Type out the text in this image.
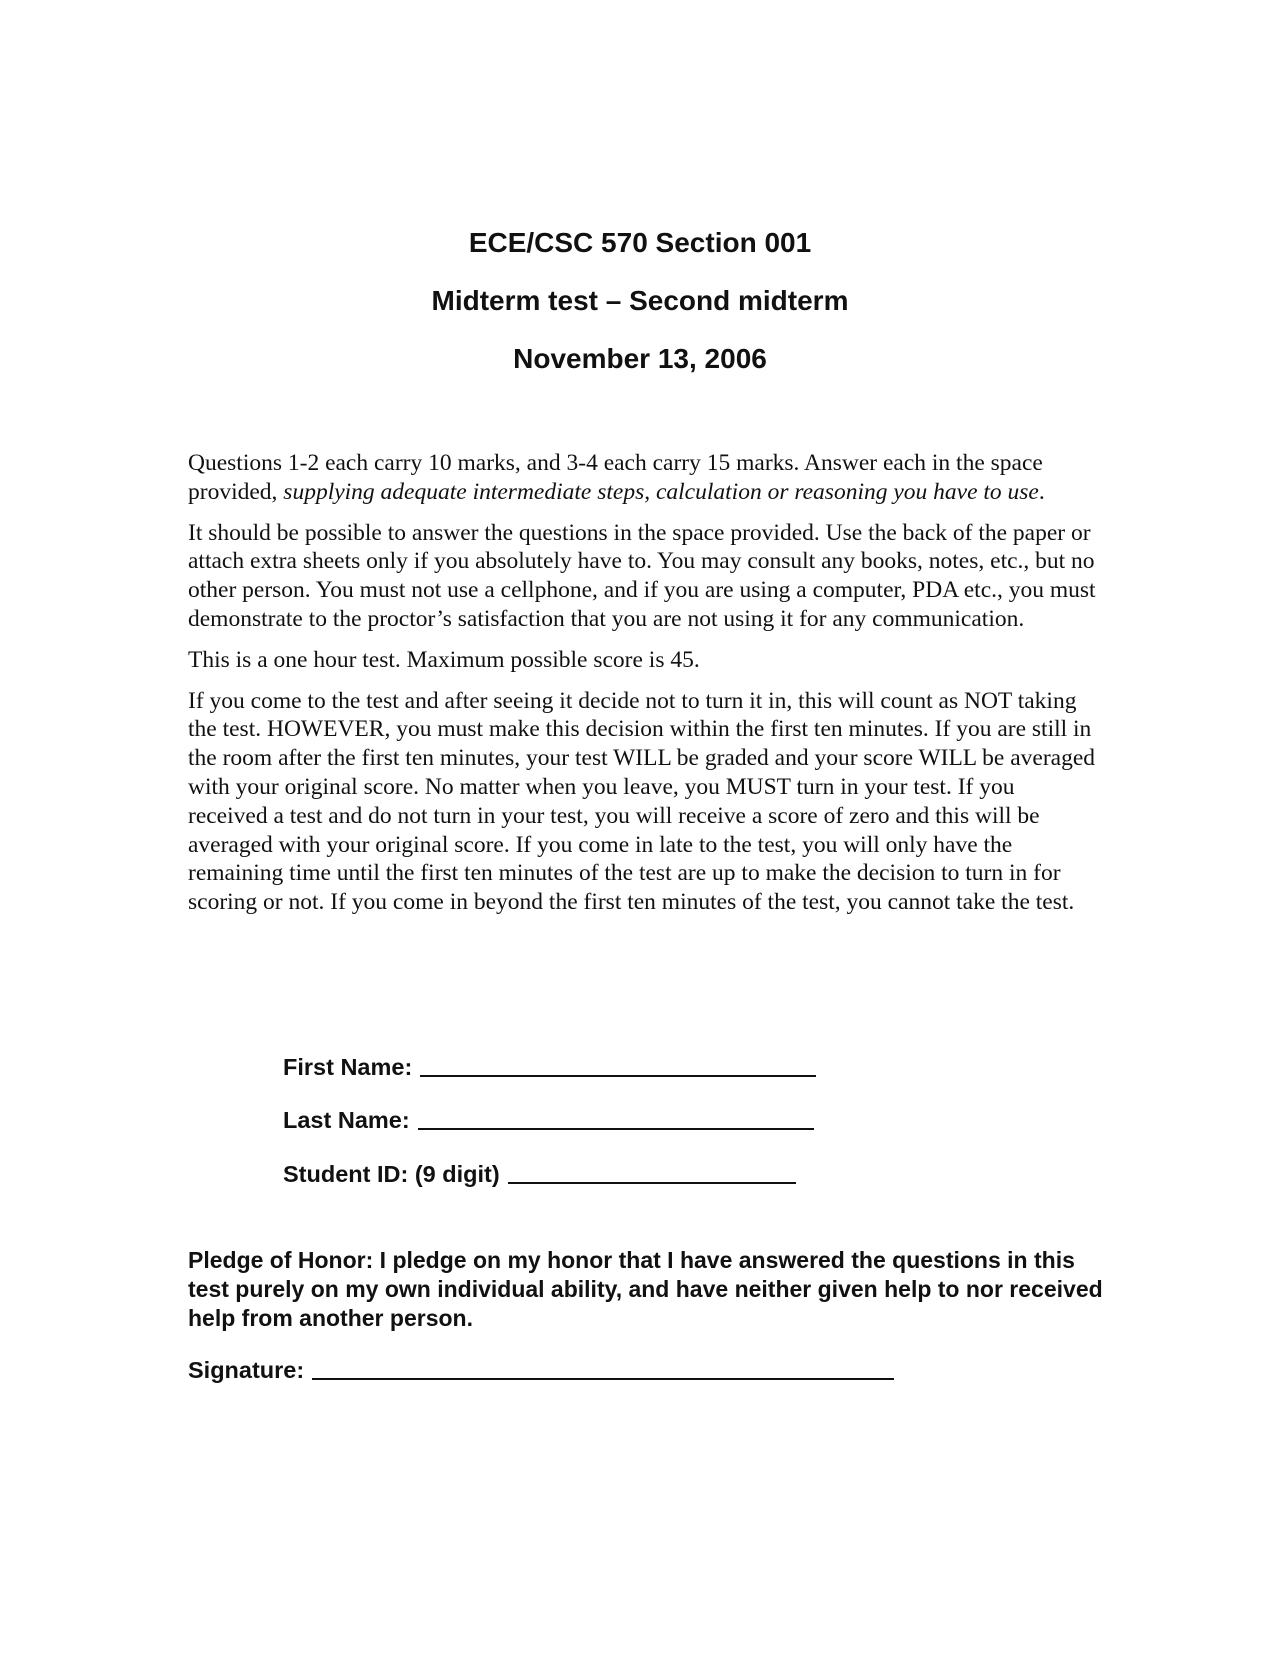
ECE/CSC 570 Section 001
Midterm test – Second midterm
November 13, 2006

Questions 1-2 each carry 10 marks, and 3-4 each carry 15 marks. Answer each in the space provided, supplying adequate intermediate steps, calculation or reasoning you have to use.

It should be possible to answer the questions in the space provided. Use the back of the paper or attach extra sheets only if you absolutely have to. You may consult any books, notes, etc., but no other person. You must not use a cellphone, and if you are using a computer, PDA etc., you must demonstrate to the proctor’s satisfaction that you are not using it for any communication.

This is a one hour test. Maximum possible score is 45.

If you come to the test and after seeing it decide not to turn it in, this will count as NOT taking the test. HOWEVER, you must make this decision within the first ten minutes. If you are still in the room after the first ten minutes, your test WILL be graded and your score WILL be averaged with your original score. No matter when you leave, you MUST turn in your test. If you received a test and do not turn in your test, you will receive a score of zero and this will be averaged with your original score. If you come in late to the test, you will only have the remaining time until the first ten minutes of the test are up to make the decision to turn in for scoring or not. If you come in beyond the first ten minutes of the test, you cannot take the test.

First Name:
Last Name:
Student ID: (9 digit)

Pledge of Honor: I pledge on my honor that I have answered the questions in this test purely on my own individual ability, and have neither given help to nor received help from another person.

Signature:
